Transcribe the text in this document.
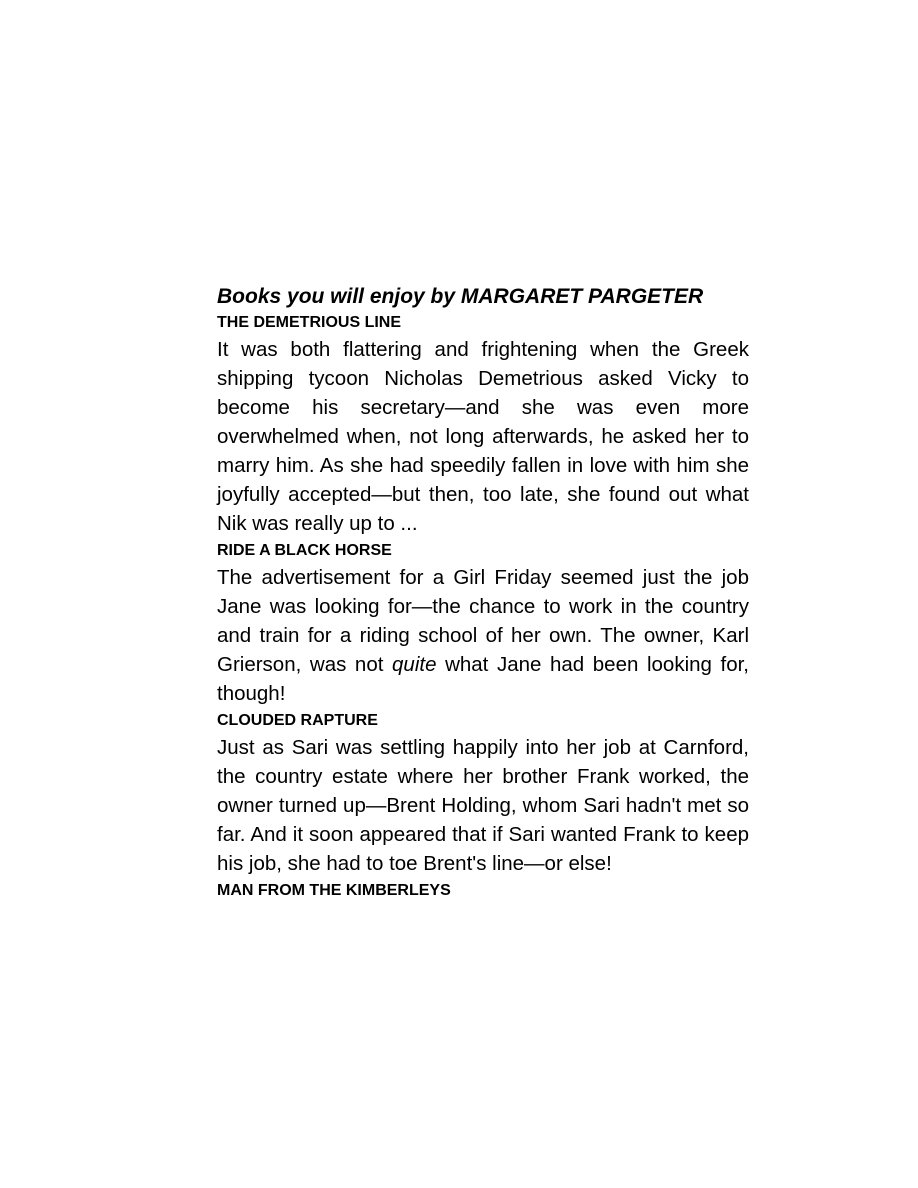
Books you will enjoy by MARGARET PARGETER

THE DEMETRIOUS LINE

It was both flattering and frightening when the Greek shipping tycoon Nicholas Demetrious asked Vicky to become his secretary—and she was even more overwhelmed when, not long afterwards, he asked her to marry him. As she had speedily fallen in love with him she joyfully accepted—but then, too late, she found out what Nik was really up to ...

RIDE A BLACK HORSE

The advertisement for a Girl Friday seemed just the job Jane was looking for—the chance to work in the country and train for a riding school of her own. The owner, Karl Grierson, was not quite what Jane had been looking for, though!

CLOUDED RAPTURE

Just as Sari was settling happily into her job at Carnford, the country estate where her brother Frank worked, the owner turned up—Brent Holding, whom Sari hadn't met so far. And it soon appeared that if Sari wanted Frank to keep his job, she had to toe Brent's line—or else!

MAN FROM THE KIMBERLEYS
